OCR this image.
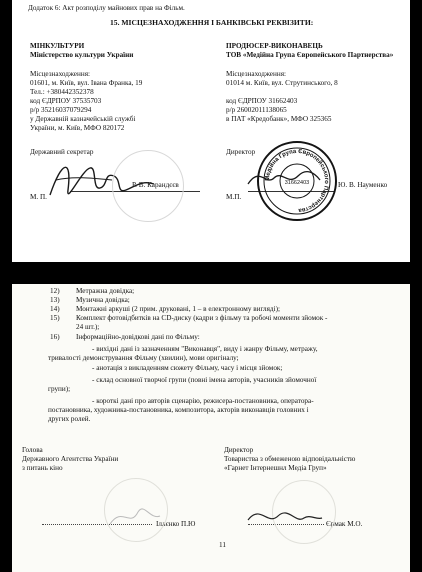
Додаток 6: Акт розподілу майнових прав на Фільм.
15. МІСЦЕЗНАХОДЖЕННЯ І БАНКІВСЬКІ РЕКВІЗИТИ:
МІНКУЛЬТУРИ
Міністерство культури України
Місцезнаходження:
01601, м. Київ, вул. Івана Франка, 19
Тел.: +380442352378
код ЄДРПОУ 37535703
р/р 35216037079294
у Державній казначейській службі
України, м. Київ, МФО 820172
Державний секретар
Р. В. Карандєєв
М. П.
ПРОДЮСЕР-ВИКОНАВЕЦЬ
ТОВ «Медійна Група Європейського Партнерства»
Місцезнаходження:
01014 м. Київ, вул. Струтинського, 8
код ЄДРПОУ 31662403
р/р 26002011138065
в ПАТ «Кредобанк», МФО 325365
Директор
Ю. В. Науменко
М.П.
Медійна Група Європейського Партнерства
31662403
12) Метражна довідка;
13) Музична довідка;
14) Монтажні аркуші (2 прим. друковані, 1 – в електронному вигляді);
15) Комплект фотовідбитків на CD-диску (кадри з фільму та робочі моменти зйомок -
24 шт.);
16) Інформаційно-довідкові дані по Фільму:
- вихідні дані із зазначенням "Виконавця", виду і жанру Фільму, метражу,
тривалості демонстрування Фільму (хвилин), мови оригіналу;
- анотація з викладенням сюжету Фільму, часу і місця зйомок;
- склад основної творчої групи (повні імена авторів, учасників зйомочної
групи);
- короткі дані про авторів сценарію, режисера-постановника, оператора-
постановника, художника-постановника, композитора, акторів виконавців головних і
других ролей.
Голова
Державного Агентства України
з питань кіно
Іллєнко П.Ю
Директор
Товариства з обмеженою відповідальністю
«Гарнет Інтернешнл Медіа Груп»
Єрмак М.О.
11
